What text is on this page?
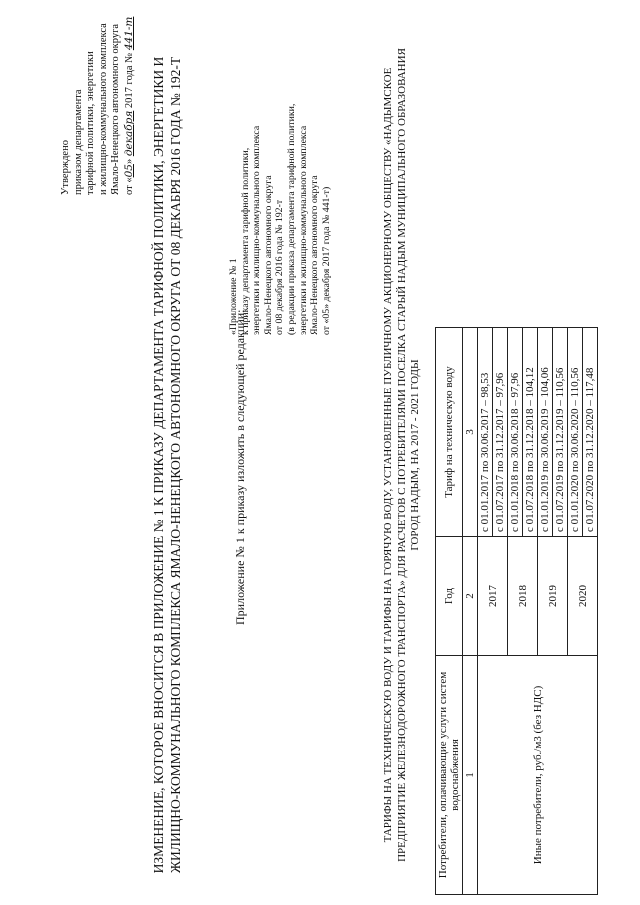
Утверждено приказом департамента тарифной политики, энергетики и жилищно-коммунального комплекса Ямало-Ненецкого автономного округа от «05» декабря 2017 года № 441-т
ИЗМЕНЕНИЕ, КОТОРОЕ ВНОСИТСЯ В ПРИЛОЖЕНИЕ № 1 К ПРИКАЗУ ДЕПАРТАМЕНТА ТАРИФНОЙ ПОЛИТИКИ, ЭНЕРГЕТИКИ И ЖИЛИЩНО-КОММУНАЛЬНОГО КОМПЛЕКСА ЯМАЛО-НЕНЕЦКОГО АВТОНОМНОГО ОКРУГА ОТ 08 ДЕКАБРЯ 2016 ГОДА № 192-Т	Приложение № 1 к приказу изложить в следующей редакции:
«Приложение № 1 к приказу департамента тарифной политики, энергетики и жилищно-коммунального комплекса Ямало-Ненецкого автономного округа от 08 декабря 2016 года № 192-т (в редакции приказа департамента тарифной политики, энергетики и жилищно-коммунального комплекса Ямало-Ненецкого автономного округа от «05» декабря 2017 года № 441-т)	ТАРИФЫ НА ТЕХНИЧЕСКУЮ ВОДУ И ТАРИФЫ НА ГОРЯЧУЮ ВОДУ, УСТАНОВЛЕННЫЕ ПУБЛИЧНОМУ АКЦИОНЕРНОМУ ОБЩЕСТВУ «НАДЫМСКОЕ ПРЕДПРИЯТИЕ ЖЕЛЕЗНОДОРОЖНОГО ТРАНСПОРТА» ДЛЯ РАСЧЕТОВ С ПОТРЕБИТЕЛЯМИ ПОСЕЛКА СТАРЫЙ НАДЫМ МУНИЦИПАЛЬНОГО ОБРАЗОВАНИЯ ГОРОД НАДЫМ, НА 2017 - 2021 ГОДЫ
Потребители, оплачивающие услуги систем водоснабжения	Год	Тариф на техническую воду
1	2	3
Иные потребители, руб./м3 (без НДС)	2017	с 01.01.2017 по 30.06.2017 – 98,53
		с 01.07.2017 по 31.12.2017 – 97,96
	2018	с 01.01.2018 по 30.06.2018 – 97,96
		с 01.07.2018 по 31.12.2018 – 104,12
	2019	с 01.01.2019 по 30.06.2019 – 104,06
		с 01.07.2019 по 31.12.2019 – 110,56
	2020	с 01.01.2020 по 30.06.2020 – 110,56
		с 01.07.2020 по 31.12.2020 – 117,48
